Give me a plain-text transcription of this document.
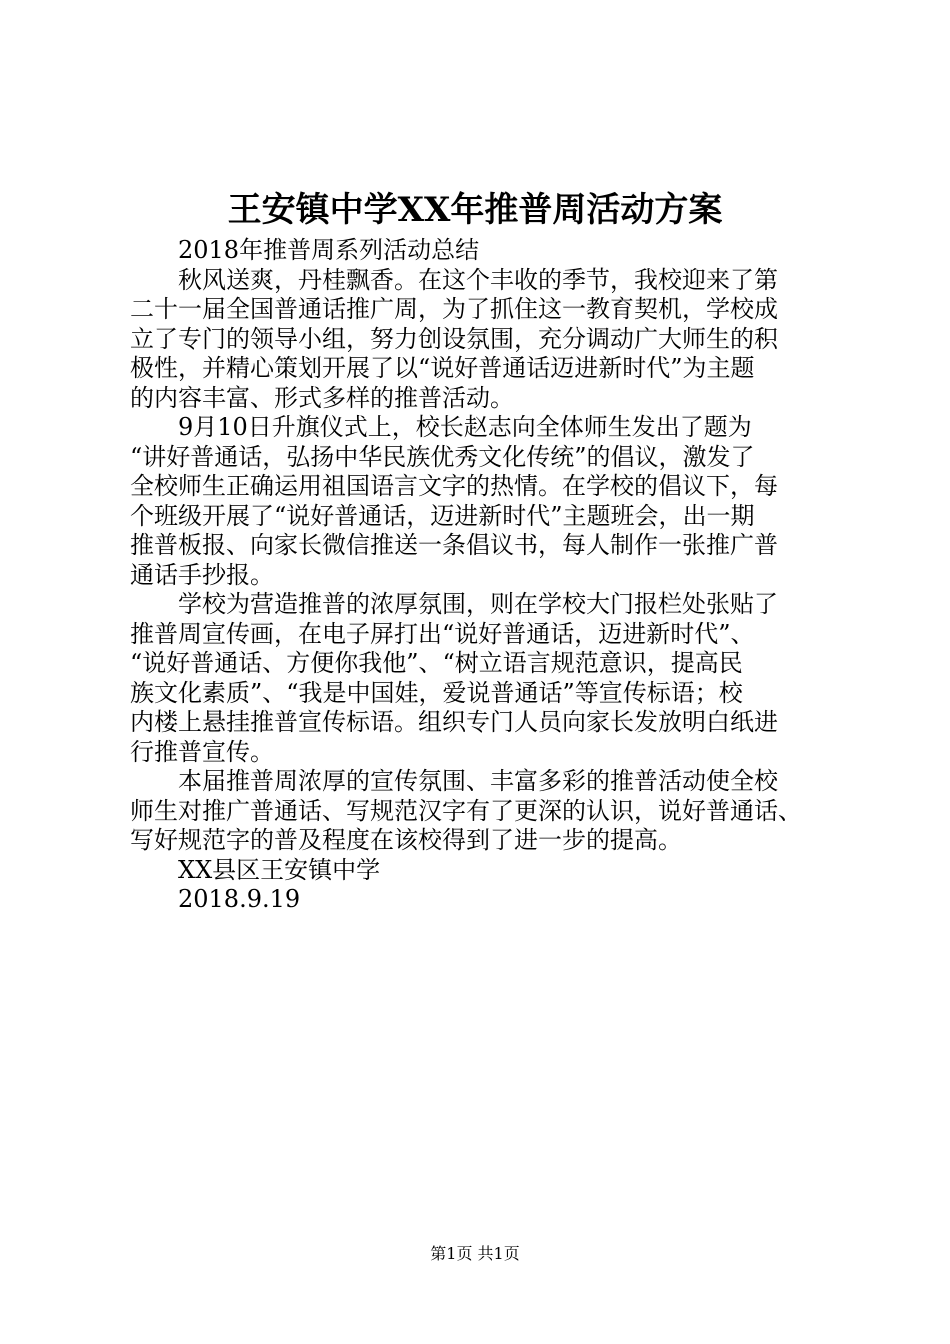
王安镇中学XX年推普周活动方案
2018年推普周系列活动总结
秋风送爽，丹桂飘香。在这个丰收的季节，我校迎来了第
二十一届全国普通话推广周，为了抓住这一教育契机，学校成
立了专门的领导小组，努力创设氛围，充分调动广大师生的积
极性，并精心策划开展了以“说好普通话迈进新时代”为主题
的内容丰富、形式多样的推普活动。
9月10日升旗仪式上，校长赵志向全体师生发出了题为
“讲好普通话，弘扬中华民族优秀文化传统”的倡议，激发了
全校师生正确运用祖国语言文字的热情。在学校的倡议下，每
个班级开展了“说好普通话，迈进新时代”主题班会，出一期
推普板报、向家长微信推送一条倡议书，每人制作一张推广普
通话手抄报。
学校为营造推普的浓厚氛围，则在学校大门报栏处张贴了
推普周宣传画，在电子屏打出“说好普通话，迈进新时代”、
“说好普通话、方便你我他”、“树立语言规范意识，提高民
族文化素质”、“我是中国娃，爱说普通话”等宣传标语；校
内楼上悬挂推普宣传标语。组织专门人员向家长发放明白纸进
行推普宣传。
本届推普周浓厚的宣传氛围、丰富多彩的推普活动使全校
师生对推广普通话、写规范汉字有了更深的认识，说好普通话、
写好规范字的普及程度在该校得到了进一步的提高。
XX县区王安镇中学
2018.9.19
第1页 共1页
